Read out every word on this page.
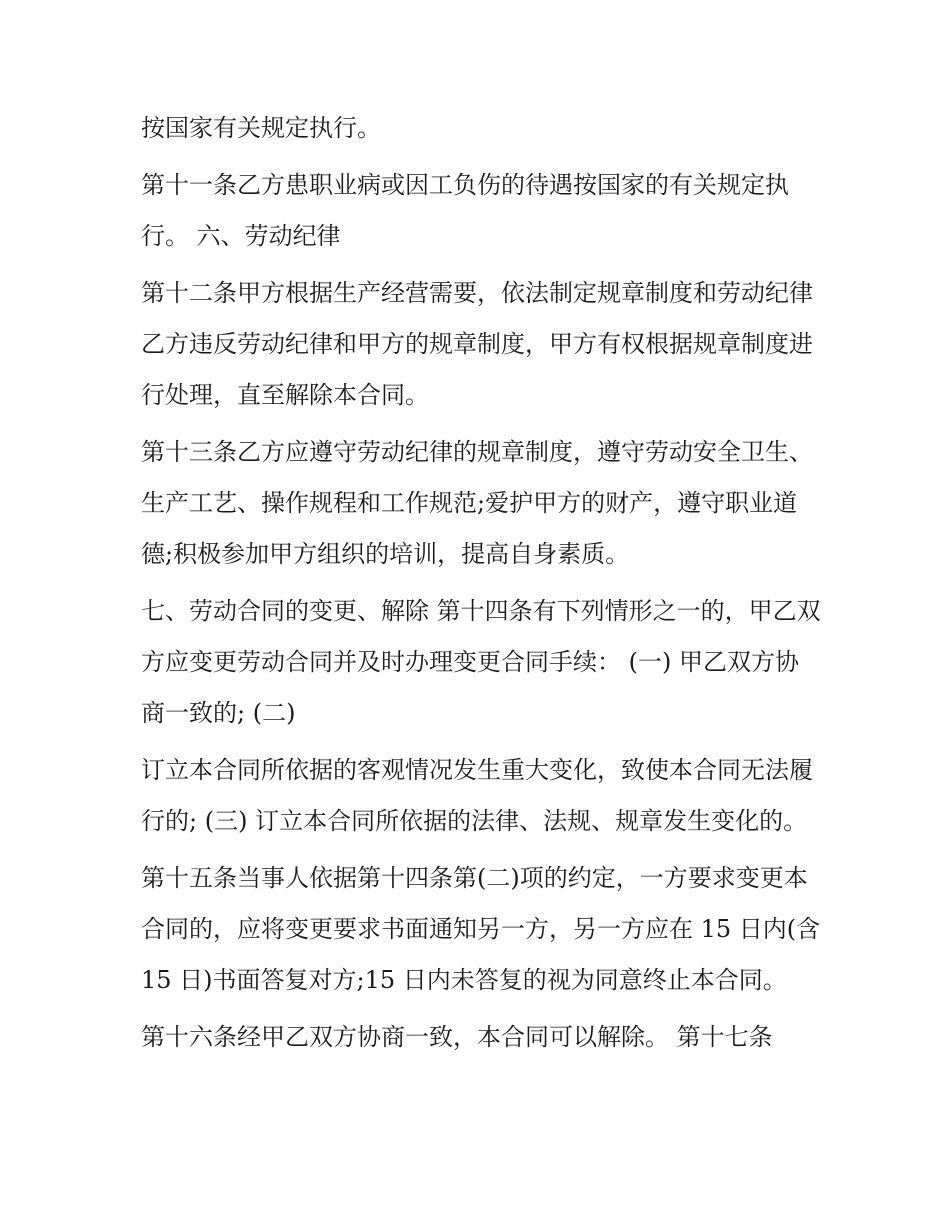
按国家有关规定执行。

第十一条乙方患职业病或因工负伤的待遇按国家的有关规定执行。 六、劳动纪律

第十二条甲方根据生产经营需要，依法制定规章制度和劳动纪律乙方违反劳动纪律和甲方的规章制度，甲方有权根据规章制度进行处理，直至解除本合同。

第十三条乙方应遵守劳动纪律的规章制度，遵守劳动安全卫生、生产工艺、操作规程和工作规范;爱护甲方的财产，遵守职业道德;积极参加甲方组织的培训，提高自身素质。

七、劳动合同的变更、解除 第十四条有下列情形之一的，甲乙双方应变更劳动合同并及时办理变更合同手续： (一) 甲乙双方协商一致的; (二)

订立本合同所依据的客观情况发生重大变化，致使本合同无法履行的; (三) 订立本合同所依据的法律、法规、规章发生变化的。

第十五条当事人依据第十四条第(二)项的约定，一方要求变更本合同的，应将变更要求书面通知另一方，另一方应在 15 日内(含 15 日)书面答复对方;15 日内未答复的视为同意终止本合同。

第十六条经甲乙双方协商一致，本合同可以解除。 第十七条
